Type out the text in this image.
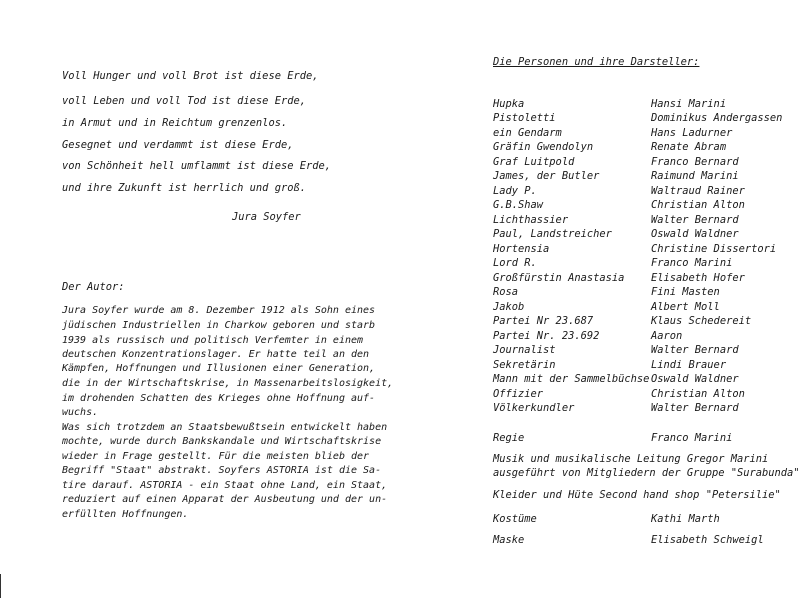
Voll Hunger und voll Brot ist diese Erde,
voll Leben und voll Tod ist diese Erde,
in Armut und in Reichtum grenzenlos.
Gesegnet und verdammt ist diese Erde,
von Schönheit hell umflammt ist diese Erde,
und ihre Zukunft ist herrlich und groß.
Jura Soyfer
Der Autor:
Jura Soyfer wurde am 8. Dezember 1912 als Sohn eines
jüdischen Industriellen in Charkow geboren und starb
1939 als russisch und politisch Verfemter in einem
deutschen Konzentrationslager. Er hatte teil an den
Kämpfen, Hoffnungen und Illusionen einer Generation,
die in der Wirtschaftskrise, in Massenarbeitslosigkeit,
im drohenden Schatten des Krieges ohne Hoffnung auf-
wuchs.
Was sich trotzdem an Staatsbewußtsein entwickelt haben
mochte, wurde durch Bankskandale und Wirtschaftskrise
wieder in Frage gestellt. Für die meisten blieb der
Begriff "Staat" abstrakt. Soyfers ASTORIA ist die Sa-
tire darauf. ASTORIA - ein Staat ohne Land, ein Staat,
reduziert auf einen Apparat der Ausbeutung und der un-
erfüllten Hoffnungen.
Die Personen und ihre Darsteller:
Hupka	Hansi Marini
Pistoletti	Dominikus Andergassen
ein Gendarm	Hans Ladurner
Gräfin Gwendolyn	Renate Abram
Graf Luitpold	Franco Bernard
James, der Butler	Raimund Marini
Lady P.	Waltraud Rainer
G.B.Shaw	Christian Alton
Lichthassier	Walter Bernard
Paul, Landstreicher	Oswald Waldner
Hortensia	Christine Dissertori
Lord R.	Franco Marini
Großfürstin Anastasia	Elisabeth Hofer
Rosa	Fini Masten
Jakob	Albert Moll
Partei Nr 23.687	Klaus Schedereit
Partei Nr. 23.692	Aaron
Journalist	Walter Bernard
Sekretärin	Lindi Brauer
Mann mit der Sammelbüchse Oswald Waldner
Offizier	Christian Alton
Völkerkundler	Walter Bernard
Regie	Franco Marini
Musik und musikalische Leitung Gregor Marini
ausgeführt von Mitgliedern der Gruppe "Surabunda"
Kleider und Hüte Second hand shop "Petersilie"
Kostüme	Kathi Marth
Maske	Elisabeth Schweigl
